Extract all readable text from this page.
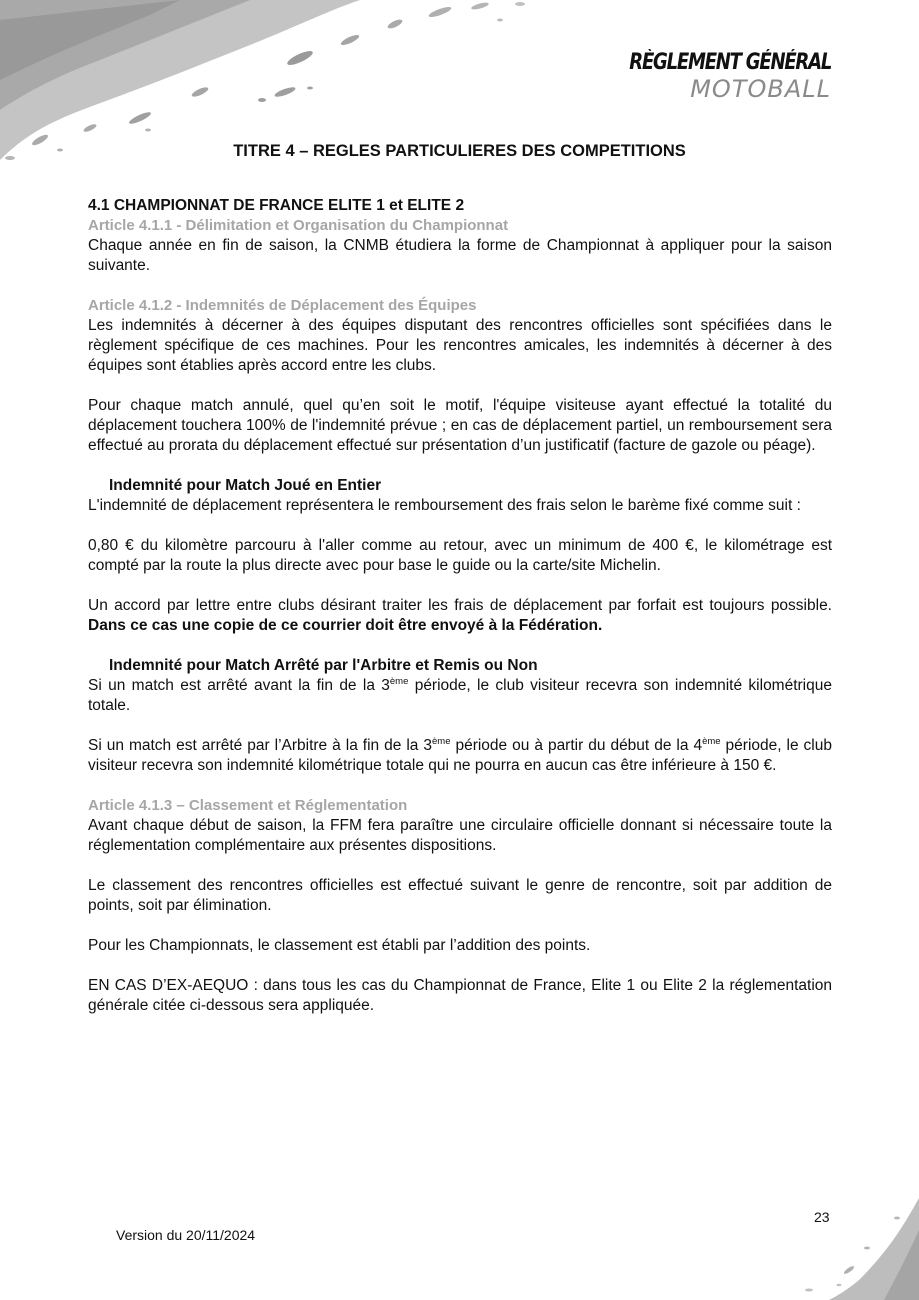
RÈGLEMENT GÉNÉRAL
MOTOBALL
TITRE 4 – REGLES PARTICULIERES DES COMPETITIONS

4.1 CHAMPIONNAT DE FRANCE ELITE 1 et ELITE 2

Article 4.1.1 - Délimitation et Organisation du Championnat

Chaque année en fin de saison, la CNMB étudiera la forme de Championnat à appliquer pour la saison suivante.

Article 4.1.2 - Indemnités de Déplacement des Équipes

Les indemnités à décerner à des équipes disputant des rencontres officielles sont spécifiées dans le règlement spécifique de ces machines. Pour les rencontres amicales, les indemnités à décerner à des équipes sont établies après accord entre les clubs.

Pour chaque match annulé, quel qu’en soit le motif, l'équipe visiteuse ayant effectué la totalité du déplacement touchera 100% de l'indemnité prévue ; en cas de déplacement partiel, un remboursement sera effectué au prorata du déplacement effectué sur présentation d’un justificatif (facture de gazole ou péage).

Indemnité pour Match Joué en Entier

L'indemnité de déplacement représentera le remboursement des frais selon le barème fixé comme suit :

0,80 € du kilomètre parcouru à l'aller comme au retour, avec un minimum de 400 €, le kilométrage est compté par la route la plus directe avec pour base le guide ou la carte/site Michelin.

Un accord par lettre entre clubs désirant traiter les frais de déplacement par forfait est toujours possible. Dans ce cas une copie de ce courrier doit être envoyé à la Fédération.

Indemnité pour Match Arrêté par l'Arbitre et Remis ou Non

Si un match est arrêté avant la fin de la 3ème période, le club visiteur recevra son indemnité kilométrique totale.

Si un match est arrêté par l’Arbitre à la fin de la 3ème période ou à partir du début de la 4ème période, le club visiteur recevra son indemnité kilométrique totale qui ne pourra en aucun cas être inférieure à 150 €.

Article 4.1.3 – Classement et Réglementation

Avant chaque début de saison, la FFM fera paraître une circulaire officielle donnant si nécessaire toute la réglementation complémentaire aux présentes dispositions.

Le classement des rencontres officielles est effectué suivant le genre de rencontre, soit par addition de points, soit par élimination.

Pour les Championnats, le classement est établi par l’addition des points.

EN CAS D’EX-AEQUO : dans tous les cas du Championnat de France, Elite 1 ou Elite 2 la réglementation générale citée ci-dessous sera appliquée.

23
Version du 20/11/2024
